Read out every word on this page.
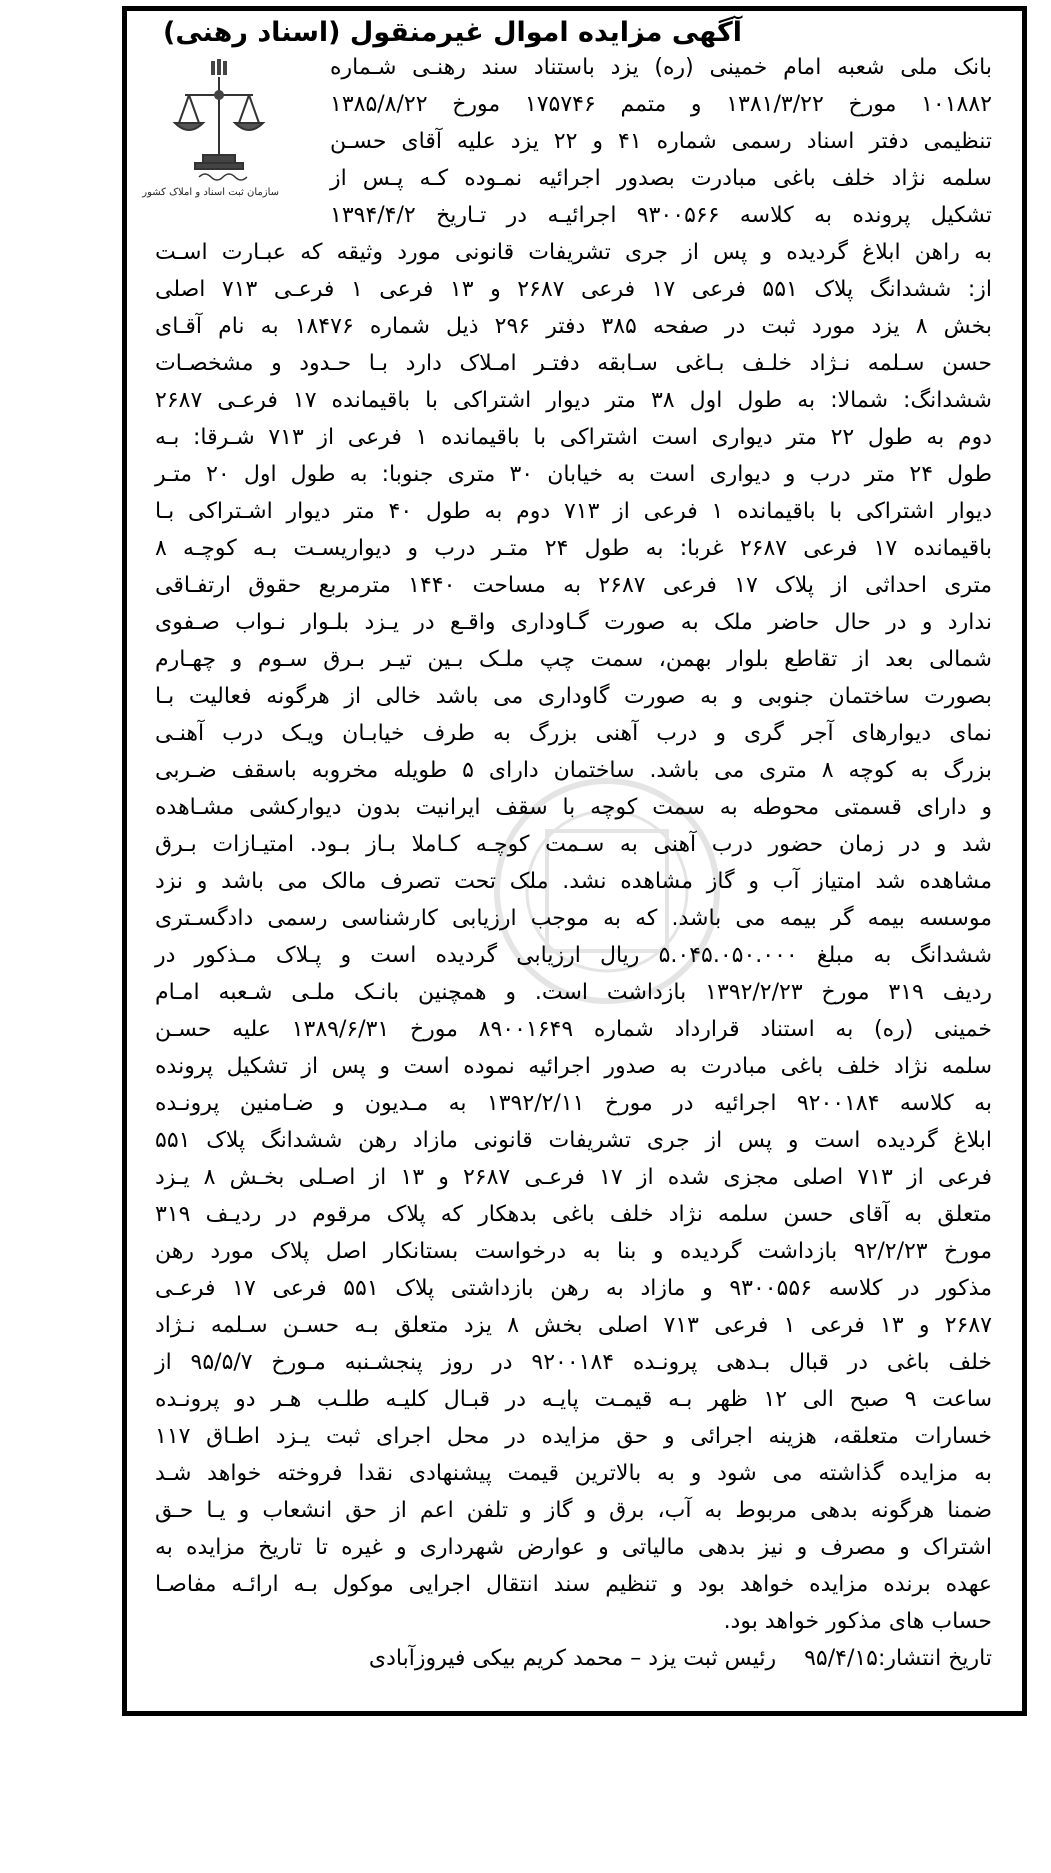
سازمان ثبت اسناد و املاک کشور
آگهی مزایده اموال غیرمنقول (اسناد رهنی)
بانک ملی شعبه امام خمینی (ره) یزد باستناد سند رهنـی شـماره
۱۰۱۸۸۲ مورخ ۱۳۸۱/۳/۲۲ و متمم ۱۷۵۷۴۶ مورخ ۱۳۸۵/۸/۲۲
تنظیمی دفتر اسناد رسمی شماره ۴۱ و ۲۲ یزد علیه آقای حسـن
سلمه نژاد خلف باغی مبادرت بصدور اجرائیه نمـوده کـه پـس از
تشکیل پرونده به کلاسه ۹۳۰۰۵۶۶ اجرائیـه در تـاریخ ۱۳۹۴/۴/۲
به راهن ابلاغ گردیده و پس از جری تشریفات قانونی مورد وثیقه که عبـارت اسـت
از: ششدانگ پلاک ۵۵۱ فرعی ۱۷ فرعی ۲۶۸۷ و ۱۳ فرعی ۱ فرعـی ۷۱۳ اصلی
بخش ۸ یزد مورد ثبت در صفحه ۳۸۵ دفتر ۲۹۶ ذیل شماره ۱۸۴۷۶ به نام آقـای
حسن سـلمه نـژاد خلـف بـاغی سـابقه دفتـر امـلاک دارد بـا حـدود و مشخصـات
ششدانگ: شمالا: به طول اول ۳۸ متر دیوار اشتراکی با باقیمانده ۱۷ فرعـی ۲۶۸۷
دوم به طول ۲۲ متر دیواری است اشتراکی با باقیمانده ۱ فرعی از ۷۱۳ شـرقا: بـه
طول ۲۴ متر درب و دیواری است به خیابان ۳۰ متری جنوبا: به طول اول ۲۰ متـر
دیوار اشتراکی با باقیمانده ۱ فرعی از ۷۱۳ دوم به طول ۴۰ متر دیوار اشـتراکی بـا
باقیمانده ۱۷ فرعی ۲۶۸۷ غربا: به طول ۲۴ متـر درب و دیواریسـت بـه کوچـه ۸
متری احداثی از پلاک ۱۷ فرعی ۲۶۸۷ به مساحت ۱۴۴۰ مترمربع حقوق ارتفـاقی
ندارد و در حال حاضر ملک به صورت گـاوداری واقـع در یـزد بلـوار نـواب صـفوی
شمالی بعد از تقاطع بلوار بهمن، سمت چپ ملـک بـین تیـر بـرق سـوم و چهـارم
بصورت ساختمان جنوبی و به صورت گاوداری می باشد خالی از هرگونه فعالیت بـا
نمای دیوارهای آجر گری و درب آهنی بزرگ به طرف خیابـان ویـک درب آهنـی
بزرگ به کوچه ۸ متری می باشد. ساختمان دارای ۵ طویله مخروبه باسقف ضـربی
و دارای قسمتی محوطه به سمت کوچه با سقف ایرانیت بدون دیوارکشی مشـاهده
شد و در زمان حضور درب آهنی به سـمت کوچـه کـاملا بـاز بـود. امتیـازات بـرق
مشاهده شد امتیاز آب و گاز مشاهده نشد. ملک تحت تصرف مالک می باشد و نزد
موسسه بیمه گر بیمه می باشد. که به موجب ارزیابی کارشناسی رسمی دادگسـتری
ششدانگ به مبلغ ۵.۰۴۵.۰۵۰.۰۰۰ ریال ارزیابی گردیده است و پـلاک مـذکور در
ردیف ۳۱۹ مورخ ۱۳۹۲/۲/۲۳ بازداشت است. و همچنین بانـک ملـی شـعبه امـام
خمینی (ره) به استناد قرارداد شماره ۸۹۰۰۱۶۴۹ مورخ ۱۳۸۹/۶/۳۱ علیه حسـن
سلمه نژاد خلف باغی مبادرت به صدور اجرائیه نموده است و پس از تشکیل پرونده
به کلاسه ۹۲۰۰۱۸۴ اجرائیه در مورخ ۱۳۹۲/۲/۱۱ به مـدیون و ضـامنین پرونـده
ابلاغ گردیده است و پس از جری تشریفات قانونی مازاد رهن ششدانگ پلاک ۵۵۱
فرعی از ۷۱۳ اصلی مجزی شده از ۱۷ فرعـی ۲۶۸۷ و ۱۳ از اصـلی بخـش ۸ یـزد
متعلق به آقای حسن سلمه نژاد خلف باغی بدهکار که پلاک مرقوم در ردیـف ۳۱۹
مورخ ۹۲/۲/۲۳ بازداشت گردیده و بنا به درخواست بستانکار اصل پلاک مورد رهن
مذکور در کلاسه ۹۳۰۰۵۵۶ و مازاد به رهن بازداشتی پلاک ۵۵۱ فرعی ۱۷ فرعـی
۲۶۸۷ و ۱۳ فرعی ۱ فرعی ۷۱۳ اصلی بخش ۸ یزد متعلق بـه حسـن سـلمه نـژاد
خلف باغی در قبال بـدهی پرونـده ۹۲۰۰۱۸۴ در روز پنجشـنبه مـورخ ۹۵/۵/۷ از
ساعت ۹ صبح الی ۱۲ ظهر بـه قیمـت پایـه در قبـال کلیـه طلـب هـر دو پرونـده
خسارات متعلقه، هزینه اجرائی و حق مزایده در محل اجرای ثبت یـزد اطـاق ۱۱۷
به مزایده گذاشته می شود و به بالاترین قیمت پیشنهادی نقدا فروخته خواهد شـد
ضمنا هرگونه بدهی مربوط به آب، برق و گاز و تلفن اعم از حق انشعاب و یـا حـق
اشتراک و مصرف و نیز بدهی مالیاتی و عوارض شهرداری و غیره تا تاریخ مزایده به
عهده برنده مزایده خواهد بود و تنظیم سند انتقال اجرایی موکول بـه ارائـه مفاصـا
حساب های مذکور خواهد بود.
تاریخ انتشار:۹۵/۴/۱۵    رئیس ثبت یزد – محمد کریم بیکی فیروزآبادی
